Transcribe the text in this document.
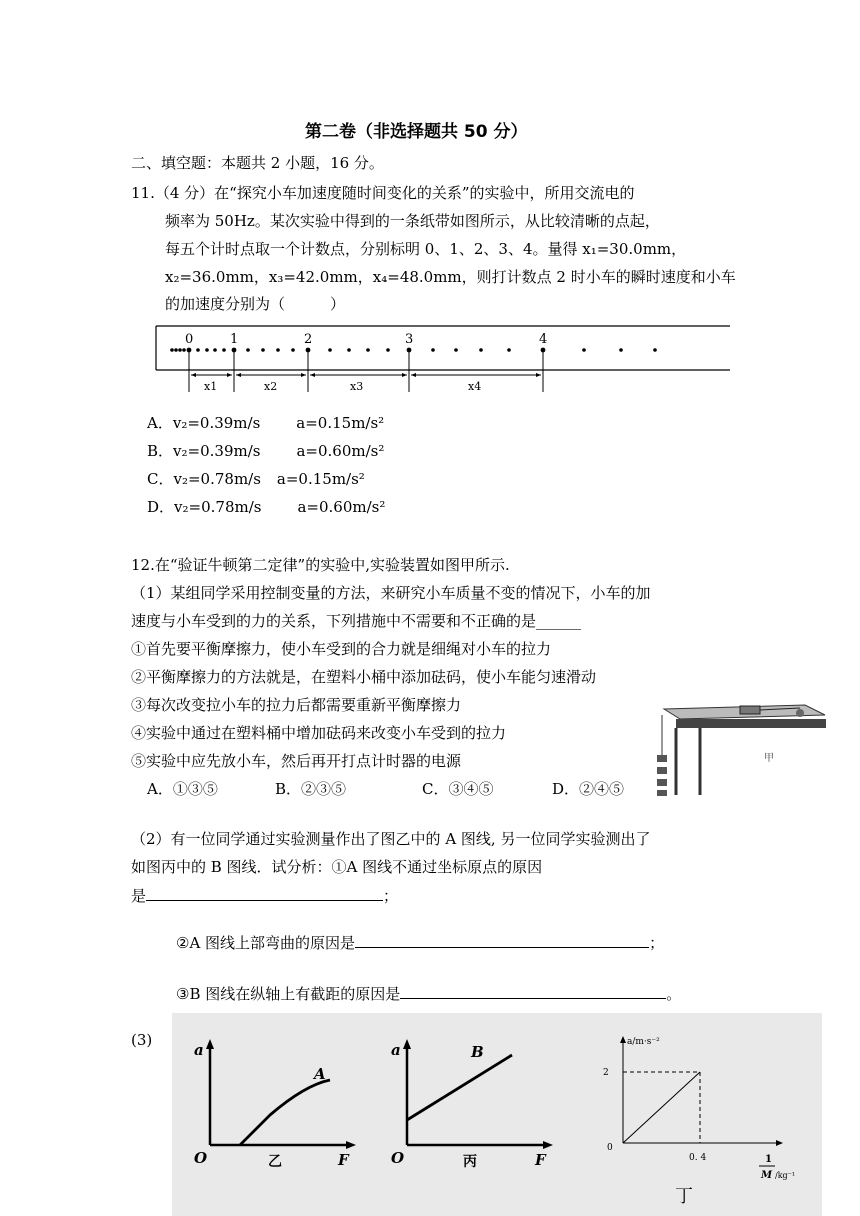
第二卷（非选择题共 50 分）
二、填空题：本题共 2 小题，16 分。
11.（4 分）在“探究小车加速度随时间变化的关系”的实验中，所用交流电的
频率为 50Hz。某次实验中得到的一条纸带如图所示，从比较清晰的点起，
每五个计时点取一个计数点，分别标明 0、1、2、3、4。量得 x₁=30.0mm，
x₂=36.0mm，x₃=42.0mm，x₄=48.0mm，则打计数点 2 时小车的瞬时速度和小车
的加速度分别为（　　　）
0	1	2	3	4
x1	x2	x3	x4
A．v₂=0.39m/s a=0.15m/s²
B．v₂=0.39m/s a=0.60m/s²
C．v₂=0.78m/s a=0.15m/s²
D．v₂=0.78m/s a=0.60m/s²
12.在“验证牛顿第二定律”的实验中,实验装置如图甲所示.
（1）某组同学采用控制变量的方法，来研究小车质量不变的情况下，小车的加
速度与小车受到的力的关系，下列措施中不需要和不正确的是______
①首先要平衡摩擦力，使小车受到的合力就是细绳对小车的拉力
②平衡摩擦力的方法就是，在塑料小桶中添加砝码，使小车能匀速滑动
③每次改变拉小车的拉力后都需要重新平衡摩擦力
④实验中通过在塑料桶中增加砝码来改变小车受到的拉力
⑤实验中应先放小车，然后再开打点计时器的电源
A．①③⑤	B．②③⑤	C．③④⑤	D．②④⑤
甲
（2）有一位同学通过实验测量作出了图乙中的 A 图线, 另一位同学实验测出了
如图丙中的 B 图线．试分析：①A 图线不通过坐标原点的原因
是	；
②A 图线上部弯曲的原因是	；
③B 图线在纵轴上有截距的原因是	。
(3)
a
F
O
A
乙
a
F
O
B
丙
a/m·s⁻²
2
0
0. 4	1
M /kg⁻¹
丁
